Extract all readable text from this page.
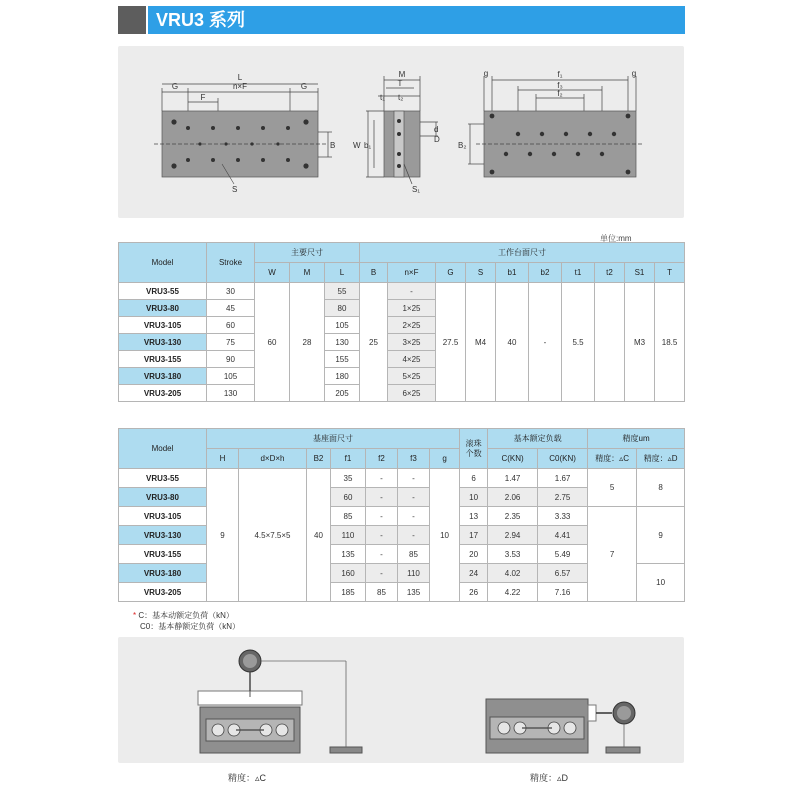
VRU3 系列
L
G	n×F	G
F
B
S
M
T
t₁ t₂
W b₁
d
D
S₁
g	g
f₁
f₃
f₂
B₂
单位:mm
Model	Stroke	主要尺寸			工作台面尺寸									
		W	M	L	B	n×F	G	S	b1	b2	t1	t2	S1	T
VRU3-55	30	60	28	55	25	-	27.5	M4	40	-	5.5		M3	18.5
VRU3-80	45			80		1×25								
VRU3-105	60			105		2×25								
VRU3-130	75			130		3×25								
VRU3-155	90			155		4×25								
VRU3-180	105			180		5×25								
VRU3-205	130			205		6×25								
Model	基座面尺寸							滚珠
个数	基本额定负载		精度um	
	H	d×D×h	B2	f1	f2	f3	g		C(KN)	C0(KN)	精度：▵C	精度：▵D
VRU3-55	9	4.5×7.5×5	40	35	-	-	10	6	1.47	1.67	5	8
VRU3-80				60	-	-		10	2.06	2.75		
VRU3-105				85	-	-		13	2.35	3.33	7	9
VRU3-130				110	-	-		17	2.94	4.41		
VRU3-155				135	-	85		20	3.53	5.49		
VRU3-180				160	-	110		24	4.02	6.57		10
VRU3-205				185	85	135		26	4.22	7.16		
* C：基本动额定负荷（kN）
C0：基本静额定负荷（kN）
精度：▵C	精度：▵D
